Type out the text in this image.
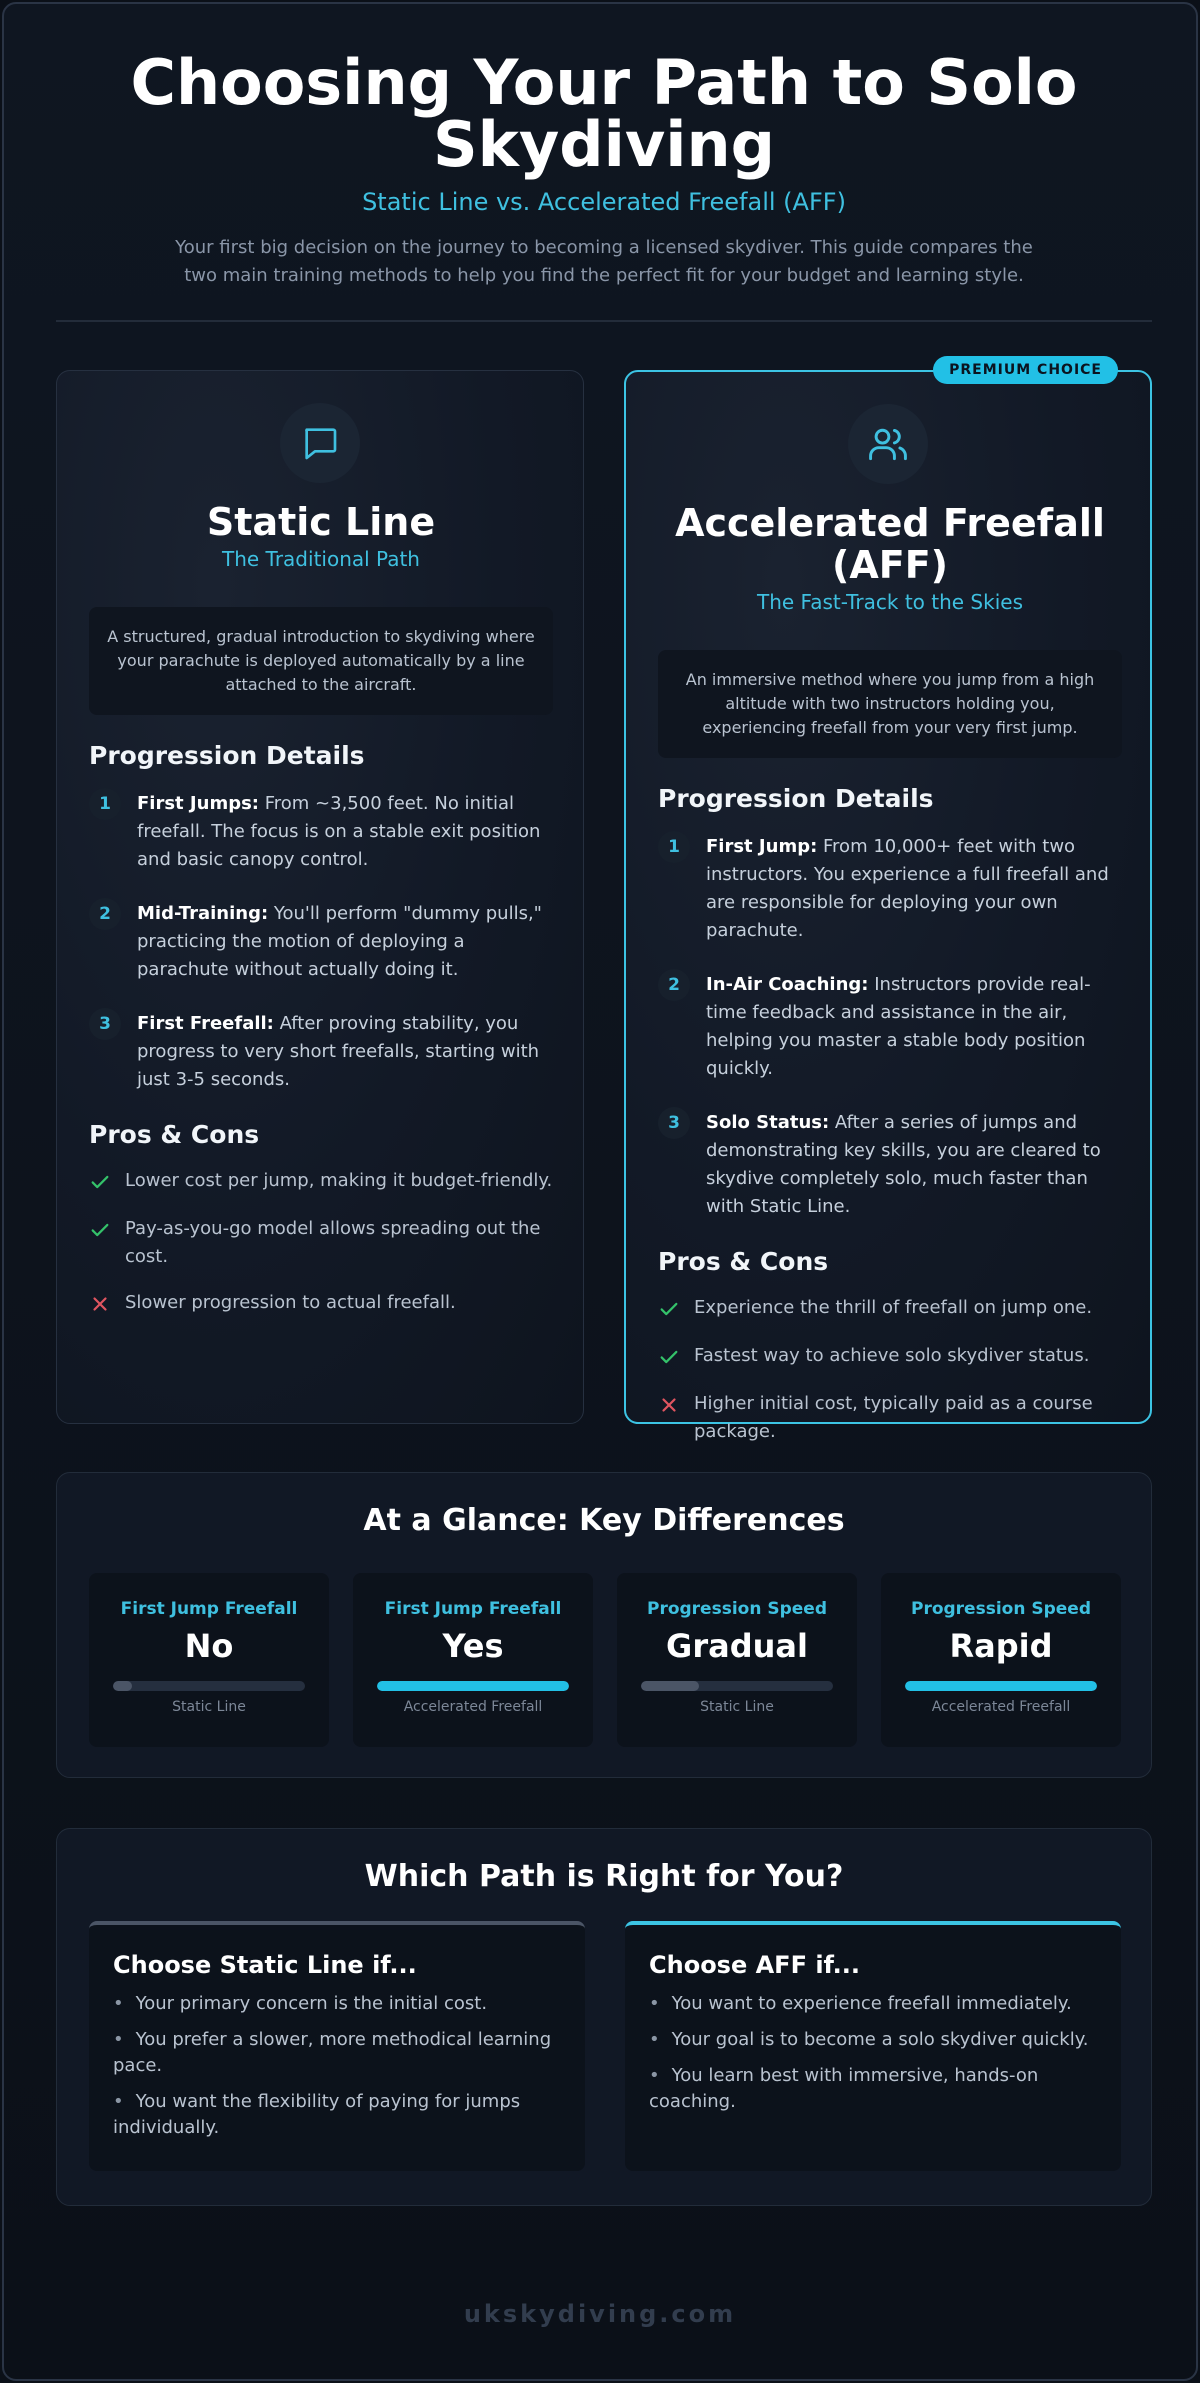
Choosing Your Path to Solo Skydiving
Static Line vs. Accelerated Freefall (AFF)
Your first big decision on the journey to becoming a licensed skydiver. This guide compares the two main training methods to help you find the perfect fit for your budget and learning style.
Static Line
The Traditional Path
A structured, gradual introduction to skydiving where your parachute is deployed automatically by a line attached to the aircraft.
Progression Details
1	First Jumps: From ~3,500 feet. No initial freefall. The focus is on a stable exit position and basic canopy control.
2	Mid-Training: You'll perform "dummy pulls," practicing the motion of deploying a parachute without actually doing it.
3	First Freefall: After proving stability, you progress to very short freefalls, starting with just 3-5 seconds.
Pros & Cons
Lower cost per jump, making it budget-friendly.
Pay-as-you-go model allows spreading out the cost.
Slower progression to actual freefall.
PREMIUM CHOICE
Accelerated Freefall (AFF)
The Fast-Track to the Skies
An immersive method where you jump from a high altitude with two instructors holding you, experiencing freefall from your very first jump.
Progression Details
1	First Jump: From 10,000+ feet with two instructors. You experience a full freefall and are responsible for deploying your own parachute.
2	In-Air Coaching: Instructors provide real-time feedback and assistance in the air, helping you master a stable body position quickly.
3	Solo Status: After a series of jumps and demonstrating key skills, you are cleared to skydive completely solo, much faster than with Static Line.
Pros & Cons
Experience the thrill of freefall on jump one.
Fastest way to achieve solo skydiver status.
Higher initial cost, typically paid as a course package.
At a Glance: Key Differences
First Jump Freefall
No
Static Line
First Jump Freefall
Yes
Accelerated Freefall
Progression Speed
Gradual
Static Line
Progression Speed
Rapid
Accelerated Freefall
Which Path is Right for You?
Choose Static Line if...
• Your primary concern is the initial cost.
• You prefer a slower, more methodical learning pace.
• You want the flexibility of paying for jumps individually.
Choose AFF if...
• You want to experience freefall immediately.
• Your goal is to become a solo skydiver quickly.
• You learn best with immersive, hands-on coaching.
ukskydiving.com
